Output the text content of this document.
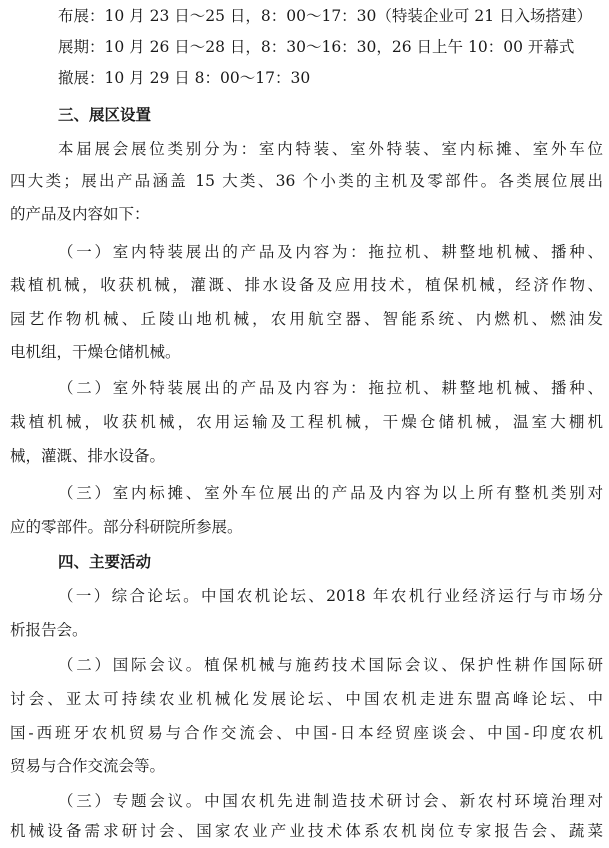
布展：10 月 23 日～25 日，8：00～17：30（特装企业可 21 日入场搭建）
展期：10 月 26 日～28 日，8：30～16：30，26 日上午 10：00 开幕式
撤展：10 月 29 日 8：00～17：30
三、展区设置
本届展会展位类别分为：室内特装、室外特装、室内标摊、室外车位
四大类；展出产品涵盖 15 大类、36 个小类的主机及零部件。各类展位展出
的产品及内容如下：
（一）室内特装展出的产品及内容为：拖拉机、耕整地机械、播种、
栽植机械，收获机械，灌溉、排水设备及应用技术，植保机械，经济作物、
园艺作物机械、丘陵山地机械，农用航空器、智能系统、内燃机、燃油发
电机组，干燥仓储机械。
（二）室外特装展出的产品及内容为：拖拉机、耕整地机械、播种、
栽植机械，收获机械，农用运输及工程机械，干燥仓储机械，温室大棚机
械，灌溉、排水设备。
（三）室内标摊、室外车位展出的产品及内容为以上所有整机类别对
应的零部件。部分科研院所参展。
四、主要活动
（一）综合论坛。中国农机论坛、2018 年农机行业经济运行与市场分
析报告会。
（二）国际会议。植保机械与施药技术国际会议、保护性耕作国际研
讨会、亚太可持续农业机械化发展论坛、中国农机走进东盟高峰论坛、中
国-西班牙农机贸易与合作交流会、中国-日本经贸座谈会、中国-印度农机
贸易与合作交流会等。
（三）专题会议。中国农机先进制造技术研讨会、新农村环境治理对
机械设备需求研讨会、国家农业产业技术体系农机岗位专家报告会、蔬菜
